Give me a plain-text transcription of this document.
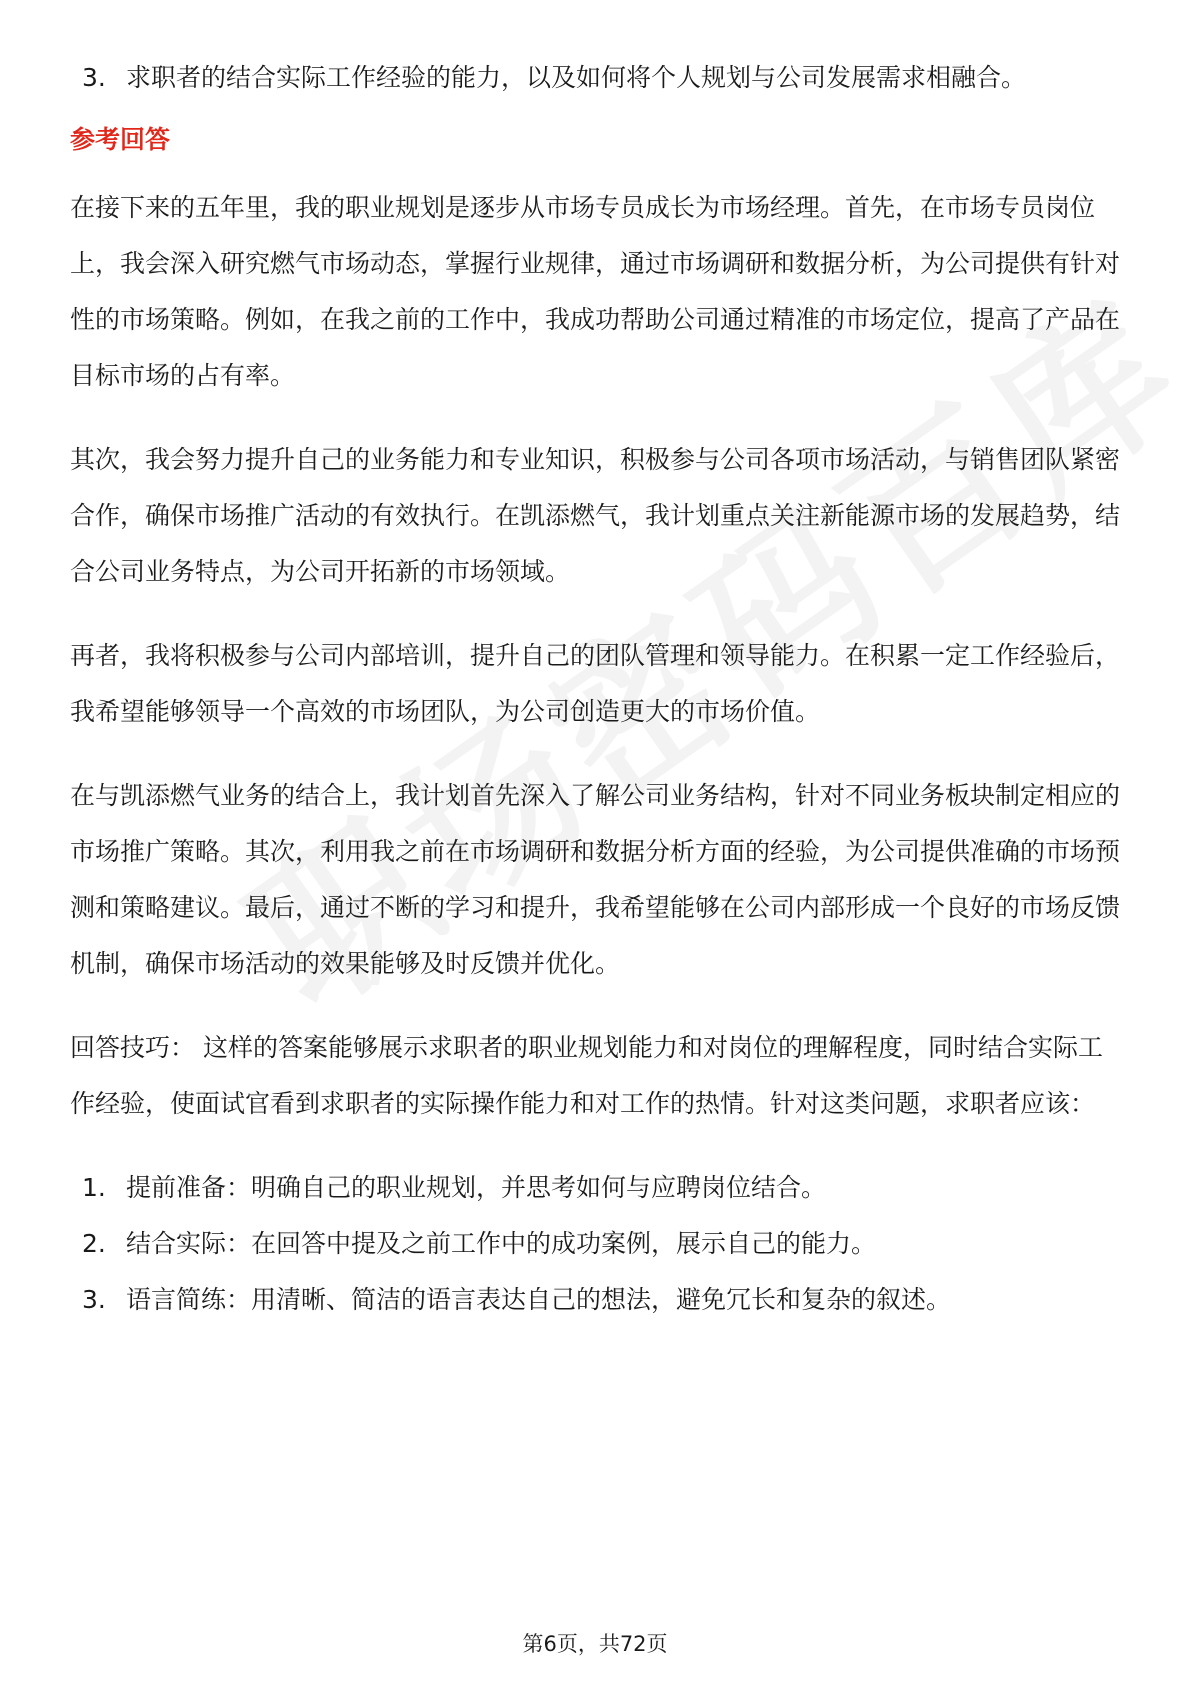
3. 求职者的结合实际工作经验的能力，以及如何将个人规划与公司发展需求相融合。
参考回答

在接下来的五年里，我的职业规划是逐步从市场专员成长为市场经理。首先，在市场专员岗位上，我会深入研究燃气市场动态，掌握行业规律，通过市场调研和数据分析，为公司提供有针对性的市场策略。例如，在我之前的工作中，我成功帮助公司通过精准的市场定位，提高了产品在目标市场的占有率。

其次，我会努力提升自己的业务能力和专业知识，积极参与公司各项市场活动，与销售团队紧密合作，确保市场推广活动的有效执行。在凯添燃气，我计划重点关注新能源市场的发展趋势，结合公司业务特点，为公司开拓新的市场领域。

再者，我将积极参与公司内部培训，提升自己的团队管理和领导能力。在积累一定工作经验后，我希望能够领导一个高效的市场团队，为公司创造更大的市场价值。

在与凯添燃气业务的结合上，我计划首先深入了解公司业务结构，针对不同业务板块制定相应的市场推广策略。其次，利用我之前在市场调研和数据分析方面的经验，为公司提供准确的市场预测和策略建议。最后，通过不断的学习和提升，我希望能够在公司内部形成一个良好的市场反馈机制，确保市场活动的效果能够及时反馈并优化。

回答技巧： 这样的答案能够展示求职者的职业规划能力和对岗位的理解程度，同时结合实际工作经验，使面试官看到求职者的实际操作能力和对工作的热情。针对这类问题，求职者应该：

1. 提前准备：明确自己的职业规划，并思考如何与应聘岗位结合。
2. 结合实际：在回答中提及之前工作中的成功案例，展示自己的能力。
3. 语言简练：用清晰、简洁的语言表达自己的想法，避免冗长和复杂的叙述。
第6页，共72页
